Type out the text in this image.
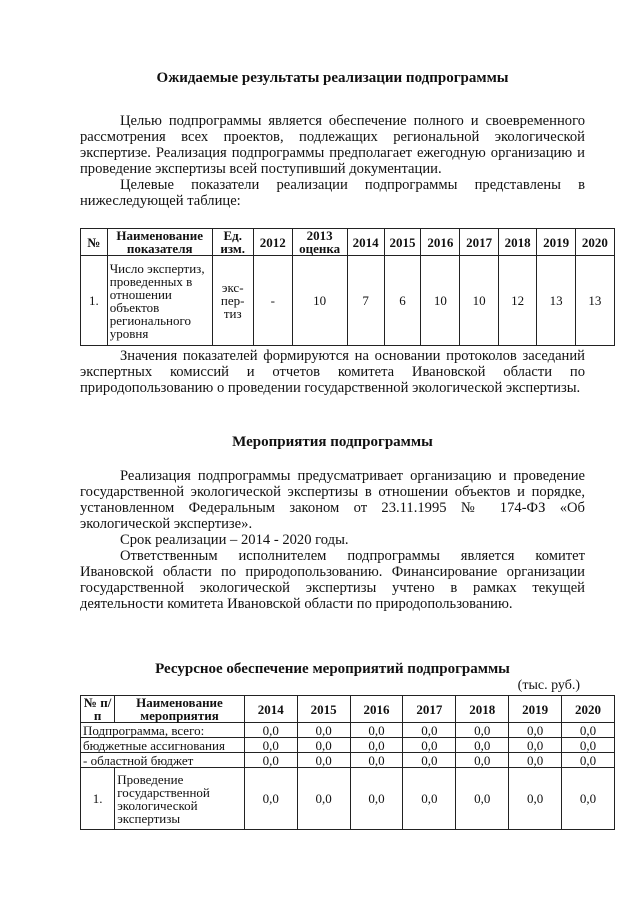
Ожидаемые результаты реализации подпрограммы

Целью подпрограммы является обеспечение полного и своевременного рассмотрения всех проектов, подлежащих региональной экологической экспертизе. Реализация подпрограммы предполагает ежегодную организацию и проведение экспертизы всей поступивший документации.

Целевые показатели реализации подпрограммы представлены в нижеследующей таблице:

№	Наименование показателя	Ед. изм.	2012	2013 оценка	2014	2015	2016	2017	2018	2019	2020
1.	Число экспертиз, проведенных в отношении объектов регионального уровня	экс-пер-тиз	-	10	7	6	10	10	12	13	13

Значения показателей формируются на основании протоколов заседаний экспертных комиссий и отчетов комитета Ивановской области по природопользованию о проведении государственной экологической экспертизы.

Мероприятия подпрограммы

Реализация подпрограммы предусматривает организацию и проведение государственной экологической экспертизы в отношении объектов и порядке, установленном Федеральным законом от 23.11.1995 № 174-ФЗ «Об экологической экспертизе».

Срок реализации – 2014 - 2020 годы.

Ответственным исполнителем подпрограммы является комитет Ивановской области по природопользованию. Финансирование организации государственной экологической экспертизы учтено в рамках текущей деятельности комитета Ивановской области по природопользованию.

Ресурсное обеспечение мероприятий подпрограммы
(тыс. руб.)
№ п/п	Наименование мероприятия	2014	2015	2016	2017	2018	2019	2020
Подпрограмма, всего:		0,0	0,0	0,0	0,0	0,0	0,0	0,0
бюджетные ассигнования		0,0	0,0	0,0	0,0	0,0	0,0	0,0
- областной бюджет		0,0	0,0	0,0	0,0	0,0	0,0	0,0
1.	Проведение государственной экологической экспертизы	0,0	0,0	0,0	0,0	0,0	0,0	0,0
